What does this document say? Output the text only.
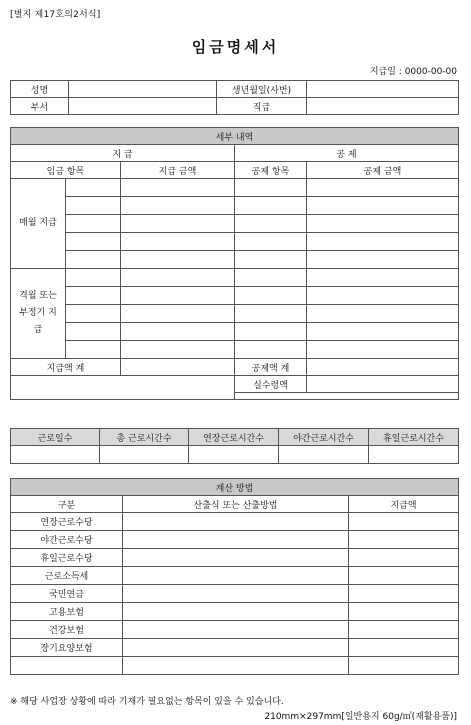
[별지 제17호의2서식]
임금명세서
지급일 : 0000-00-00
성명		생년월일(사번)	
부서		직급	
세부 내역				
지 급			공 제	
임금 항목		지급 금액	공제 항목	공제 금액
매월 지급				

격월 또는 부정기 지급				

지급액 계			공제액 계	
			실수령액	

근로일수	총 근로시간수	연장근로시간수	야간근로시간수	휴일근로시간수

계산 방법		
구분	산출식 또는 산출방법	지급액
연장근로수당		
야간근로수당		
휴일근로수당		
근로소득세		
국민연금		
고용보험		
건강보험		
장기요양보험		

※ 해당 사업장 상황에 따라 기재가 필요없는 항목이 있을 수 있습니다.
210mm×297mm[일반용지 60g/㎡(재활용품)]
